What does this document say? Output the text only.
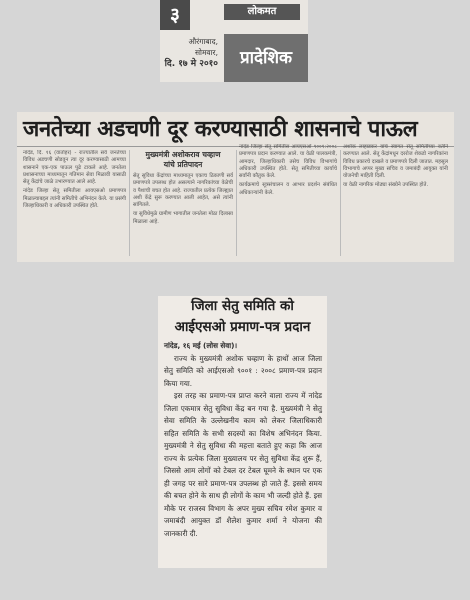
३	लोकमत
औरंगाबाद,
सोमवार,
दि. १७ मे २०१०	प्रादेशिक
जनतेच्या अडचणी दूर करण्यासाठी शासनाचे पाऊल

नांदेड, दि. १६ (वार्ताहर) - राज्यातील सर्व जनतेच्या विविध अडचणी सोडवून त्या दूर करण्यासाठी आमच्या शासनाने एक-एक पाऊल पुढे टाकले आहे. जनतेला प्रशासनाच्या माध्यमातून गतिमान सेवा मिळावी यासाठी सेतू केंद्रांचे जाळे उभारण्यात आले आहे.

नांदेड जिल्हा सेतू समितीला आयएसओ प्रमाणपत्र मिळाल्याबद्दल त्यांनी समितीचे अभिनंदन केले. या प्रसंगी जिल्हाधिकारी व अधिकारी उपस्थित होते.

मुख्यमंत्री अशोकराव चव्हाण
यांचे प्रतिपादन

सेतू सुविधा केंद्रांच्या माध्यमातून एकाच ठिकाणी सर्व प्रमाणपत्रे उपलब्ध होत असल्याने नागरिकांच्या वेळेची व पैशाची बचत होत आहे. राज्यातील प्रत्येक जिल्ह्यात अशी केंद्रे सुरू करण्यात आली आहेत, असे त्यांनी सांगितले.

या सुविधेमुळे ग्रामीण भागातील जनतेला मोठा दिलासा मिळाला आहे.

नांदेड जिल्हा सेतू समितीस आयएसओ ९००१:२००८ प्रमाणपत्र प्रदान करण्यात आले. या वेळी पालकमंत्री, आमदार, जिल्हाधिकारी तसेच विविध विभागांचे अधिकारी उपस्थित होते. सेतू समितीच्या कार्याचे सर्वांनी कौतुक केले.

कार्यक्रमाचे सूत्रसंचालन व आभार प्रदर्शन संबंधित अधिकाऱ्यांनी केले.

अशोक लाहाडकर यांचे स्वागत सेतू समितीच्या वतीने करण्यात आले. सेतू केंद्रांमधून दररोज शेकडो नागरिकांना विविध प्रकारचे दाखले व प्रमाणपत्रे दिली जातात. महसूल विभागाचे अप्पर मुख्य सचिव व जमाबंदी आयुक्त यांनी योजनेची माहिती दिली.

या वेळी नागरिक मोठ्या संख्येने उपस्थित होते.

जिला सेतु समिति को
आईएसओ प्रमाण-पत्र प्रदान
नांदेड, १६ मई (लोस सेवा)।

राज्य के मुख्यमंत्री अशोक चव्हाण के हाथों आज जिला सेतु समिति को आईएसओ ९००१ : २००८ प्रमाण-पत्र प्रदान किया गया.

इस तरह का प्रमाण-पत्र प्राप्त करने वाला राज्य में नांदेड जिला एकमात्र सेतु सुविधा केंद्र बन गया है. मुख्यमंत्री ने सेतु सेवा समिति के उल्लेखनीय काम को लेकर जिलाधिकारी सहित समिति के सभी सदस्यों का विशेष अभिनंदन किया. मुख्यमंत्री ने सेतु सुविधा की महत्ता बताते हुए कहा कि आज राज्य के प्रत्येक जिला मुख्यालय पर सेतु सुविधा केंद्र शुरू हैं, जिससे आम लोगों को टेबल दर टेबल घूमने के स्थान पर एक ही जगह पर सारे प्रमाण-पत्र उपलब्ध हो जाते हैं. इससे समय की बचत होने के साथ ही लोगों के काम भी जल्दी होते हैं. इस मौके पर राजस्व विभाग के अपर मुख्य सचिव रमेश कुमार व जमाबंदी आयुक्त डॉ शैलेश कुमार शर्मा ने योजना की जानकारी दी.
